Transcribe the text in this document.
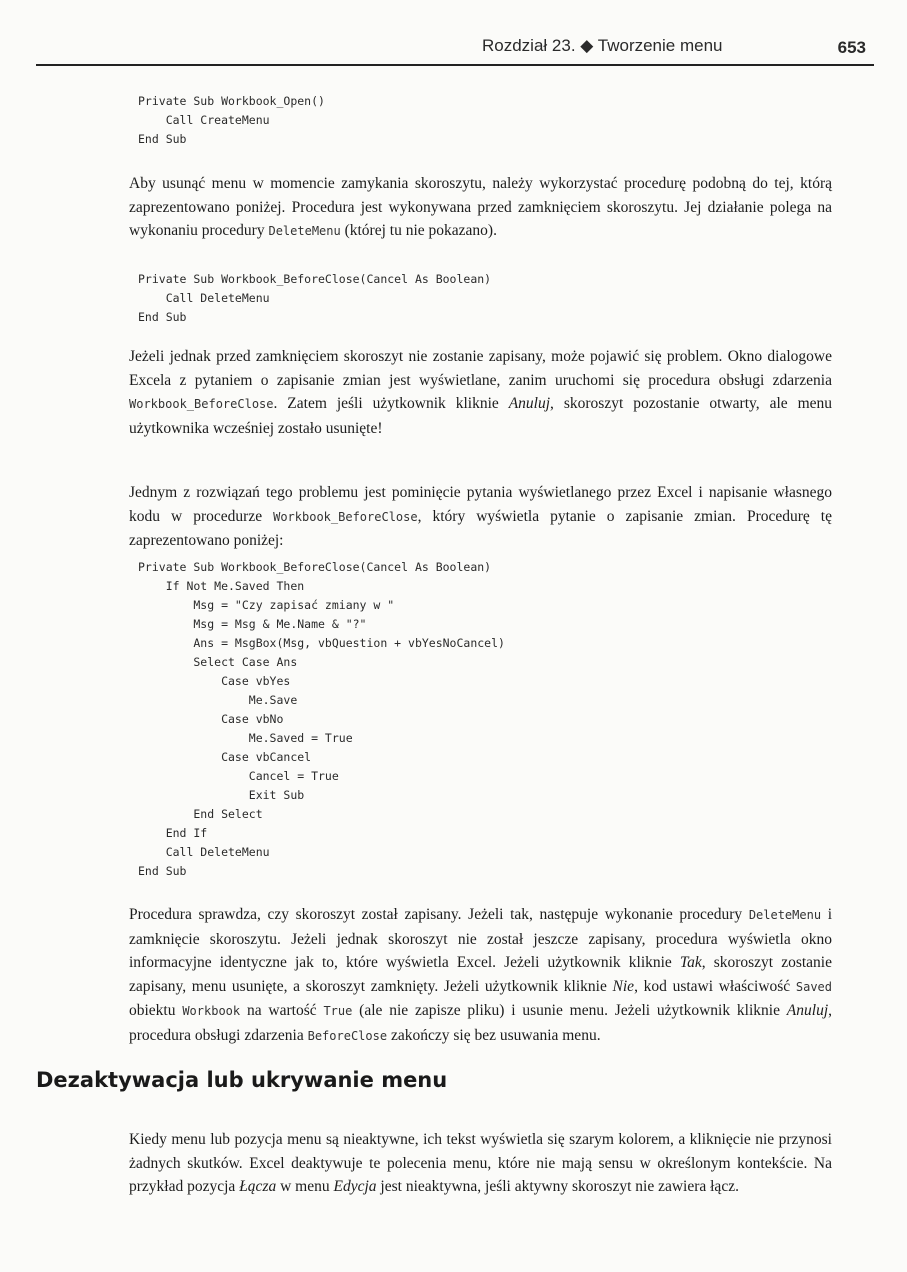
Rozdział 23. ◆ Tworzenie menu	653
Private Sub Workbook_Open()
Call CreateMenu
End Sub

Aby usunąć menu w momencie zamykania skoroszytu, należy wykorzystać procedurę podobną do tej, którą zaprezentowano poniżej. Procedura jest wykonywana przed zamknięciem skoroszytu. Jej działanie polega na wykonaniu procedury DeleteMenu (której tu nie pokazano).

Private Sub Workbook_BeforeClose(Cancel As Boolean)
Call DeleteMenu
End Sub

Jeżeli jednak przed zamknięciem skoroszyt nie zostanie zapisany, może pojawić się problem. Okno dialogowe Excela z pytaniem o zapisanie zmian jest wyświetlane, zanim uruchomi się procedura obsługi zdarzenia Workbook_BeforeClose. Zatem jeśli użytkownik kliknie Anuluj, skoroszyt pozostanie otwarty, ale menu użytkownika wcześniej zostało usunięte!

Jednym z rozwiązań tego problemu jest pominięcie pytania wyświetlanego przez Excel i napisanie własnego kodu w procedurze Workbook_BeforeClose, który wyświetla pytanie o zapisanie zmian. Procedurę tę zaprezentowano poniżej:

Private Sub Workbook_BeforeClose(Cancel As Boolean)
If Not Me.Saved Then
Msg = "Czy zapisać zmiany w "
Msg = Msg & Me.Name & "?"
Ans = MsgBox(Msg, vbQuestion + vbYesNoCancel)
Select Case Ans
Case vbYes
Me.Save
Case vbNo
Me.Saved = True
Case vbCancel
Cancel = True
Exit Sub
End Select
End If
Call DeleteMenu
End Sub

Procedura sprawdza, czy skoroszyt został zapisany. Jeżeli tak, następuje wykonanie procedury DeleteMenu i zamknięcie skoroszytu. Jeżeli jednak skoroszyt nie został jeszcze zapisany, procedura wyświetla okno informacyjne identyczne jak to, które wyświetla Excel. Jeżeli użytkownik kliknie Tak, skoroszyt zostanie zapisany, menu usunięte, a skoroszyt zamknięty. Jeżeli użytkownik kliknie Nie, kod ustawi właściwość Saved obiektu Workbook na wartość True (ale nie zapisze pliku) i usunie menu. Jeżeli użytkownik kliknie Anuluj, procedura obsługi zdarzenia BeforeClose zakończy się bez usuwania menu.

Dezaktywacja lub ukrywanie menu

Kiedy menu lub pozycja menu są nieaktywne, ich tekst wyświetla się szarym kolorem, a kliknięcie nie przynosi żadnych skutków. Excel deaktywuje te polecenia menu, które nie mają sensu w określonym kontekście. Na przykład pozycja Łącza w menu Edycja jest nieaktywna, jeśli aktywny skoroszyt nie zawiera łącz.
